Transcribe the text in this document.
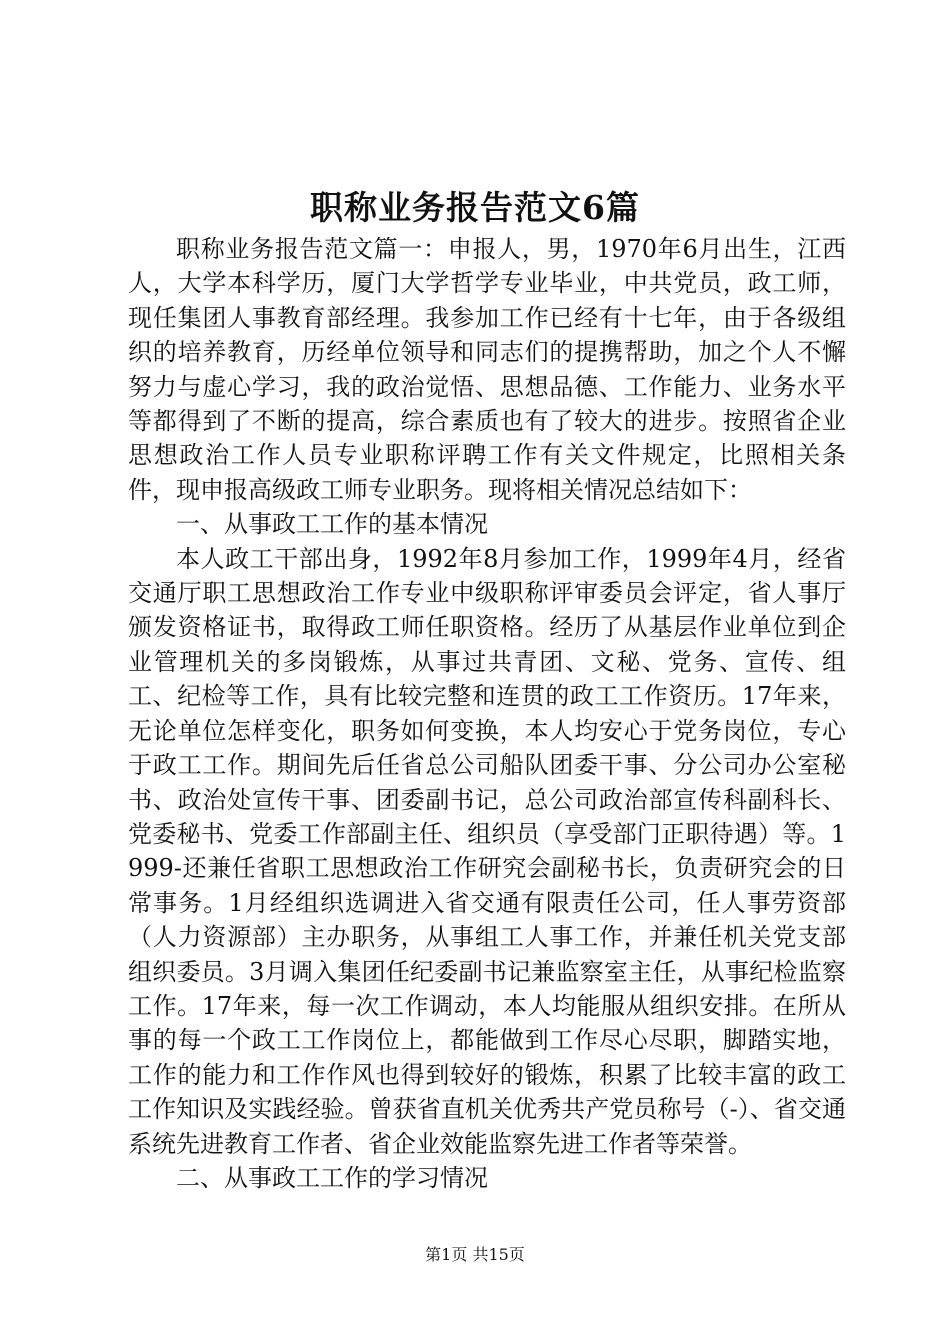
职称业务报告范文6篇

职称业务报告范文篇一：申报人，男，1970年6月出生，江西人，大学本科学历，厦门大学哲学专业毕业，中共党员，政工师，现任集团人事教育部经理。我参加工作已经有十七年，由于各级组织的培养教育，历经单位领导和同志们的提携帮助，加之个人不懈努力与虚心学习，我的政治觉悟、思想品德、工作能力、业务水平等都得到了不断的提高，综合素质也有了较大的进步。按照省企业思想政治工作人员专业职称评聘工作有关文件规定，比照相关条件，现申报高级政工师专业职务。现将相关情况总结如下：

一、从事政工工作的基本情况

本人政工干部出身，1992年8月参加工作，1999年4月，经省交通厅职工思想政治工作专业中级职称评审委员会评定，省人事厅颁发资格证书，取得政工师任职资格。经历了从基层作业单位到企业管理机关的多岗锻炼，从事过共青团、文秘、党务、宣传、组工、纪检等工作，具有比较完整和连贯的政工工作资历。17年来，无论单位怎样变化，职务如何变换，本人均安心于党务岗位，专心于政工工作。期间先后任省总公司船队团委干事、分公司办公室秘书、政治处宣传干事、团委副书记，总公司政治部宣传科副科长、党委秘书、党委工作部副主任、组织员（享受部门正职待遇）等。1999-还兼任省职工思想政治工作研究会副秘书长，负责研究会的日常事务。1月经组织选调进入省交通有限责任公司，任人事劳资部（人力资源部）主办职务，从事组工人事工作，并兼任机关党支部组织委员。3月调入集团任纪委副书记兼监察室主任，从事纪检监察工作。17年来，每一次工作调动，本人均能服从组织安排。在所从事的每一个政工工作岗位上，都能做到工作尽心尽职，脚踏实地，工作的能力和工作作风也得到较好的锻炼，积累了比较丰富的政工工作知识及实践经验。曾获省直机关优秀共产党员称号（-）、省交通系统先进教育工作者、省企业效能监察先进工作者等荣誉。

二、从事政工工作的学习情况

第1页 共15页
